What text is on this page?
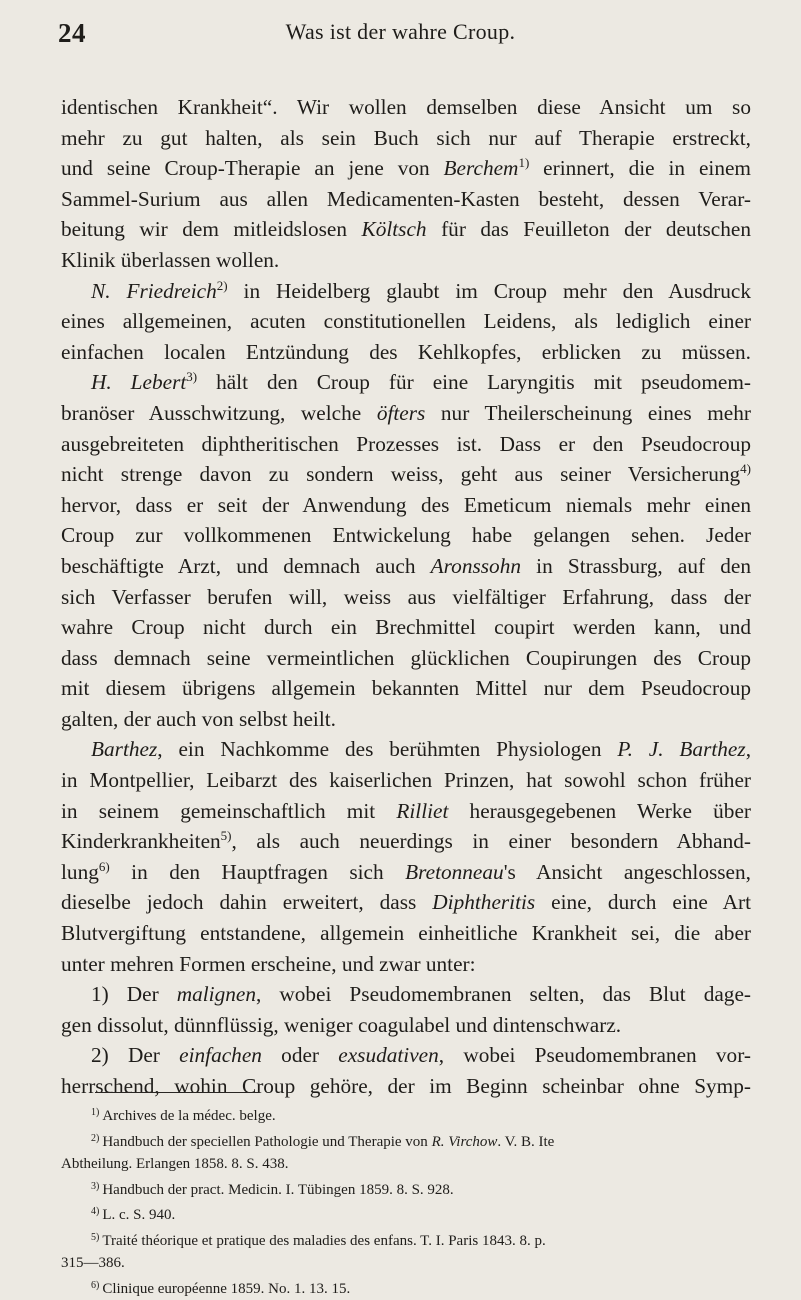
24	Was ist der wahre Croup.

identischen Krankheit“. Wir wollen demselben diese Ansicht um so
mehr zu gut halten, als sein Buch sich nur auf Therapie erstreckt,
und seine Croup-Therapie an jene von Berchem$^{1)}$ erinnert, die in einem
Sammel-Surium aus allen Medicamenten-Kasten besteht, dessen Verar-
beitung wir dem mitleidslosen Költsch für das Feuilleton der deutschen
Klinik überlassen wollen.

N. Friedreich$^{2)}$ in Heidelberg glaubt im Croup mehr den Ausdruck
eines allgemeinen, acuten constitutionellen Leidens, als lediglich einer
einfachen localen Entzündung des Kehlkopfes, erblicken zu müssen.
H. Lebert$^{3)}$ hält den Croup für eine Laryngitis mit pseudomem-
branöser Ausschwitzung, welche öfters nur Theilerscheinung eines mehr
ausgebreiteten diphtheritischen Prozesses ist. Dass er den Pseudocroup
nicht strenge davon zu sondern weiss, geht aus seiner Versicherung$^{4)}$
hervor, dass er seit der Anwendung des Emeticum niemals mehr einen
Croup zur vollkommenen Entwickelung habe gelangen sehen. Jeder
beschäftigte Arzt, und demnach auch Aronssohn in Strassburg, auf den
sich Verfasser berufen will, weiss aus vielfältiger Erfahrung, dass der
wahre Croup nicht durch ein Brechmittel coupirt werden kann, und
dass demnach seine vermeintlichen glücklichen Coupirungen des Croup
mit diesem übrigens allgemein bekannten Mittel nur dem Pseudocroup
galten, der auch von selbst heilt.

Barthez, ein Nachkomme des berühmten Physiologen P. J. Barthez,
in Montpellier, Leibarzt des kaiserlichen Prinzen, hat sowohl schon früher
in seinem gemeinschaftlich mit Rilliet herausgegebenen Werke über
Kinderkrankheiten$^{5)}$, als auch neuerdings in einer besondern Abhand-
lung$^{6)}$ in den Hauptfragen sich Bretonneau's Ansicht angeschlossen,
dieselbe jedoch dahin erweitert, dass Diphtheritis eine, durch eine Art
Blutvergiftung entstandene, allgemein einheitliche Krankheit sei, die aber
unter mehren Formen erscheine, und zwar unter:

1) Der malignen, wobei Pseudomembranen selten, das Blut dage-
gen dissolut, dünnflüssig, weniger coagulabel und dintenschwarz.

2) Der einfachen oder exsudativen, wobei Pseudomembranen vor-
herrschend, wohin Croup gehöre, der im Beginn scheinbar ohne Symp-

$^{1)}$ Archives de la médec. belge.
$^{2)}$ Handbuch der speciellen Pathologie und Therapie von R. Virchow. V. B. Ite
Abtheilung. Erlangen 1858. 8. S. 438.
$^{3)}$ Handbuch der pract. Medicin. I. Tübingen 1859. 8. S. 928.
$^{4)}$ L. c. S. 940.
$^{5)}$ Traité théorique et pratique des maladies des enfans. T. I. Paris 1843. 8. p.
315—386.
$^{6)}$ Clinique européenne 1859. No. 1. 13. 15.
